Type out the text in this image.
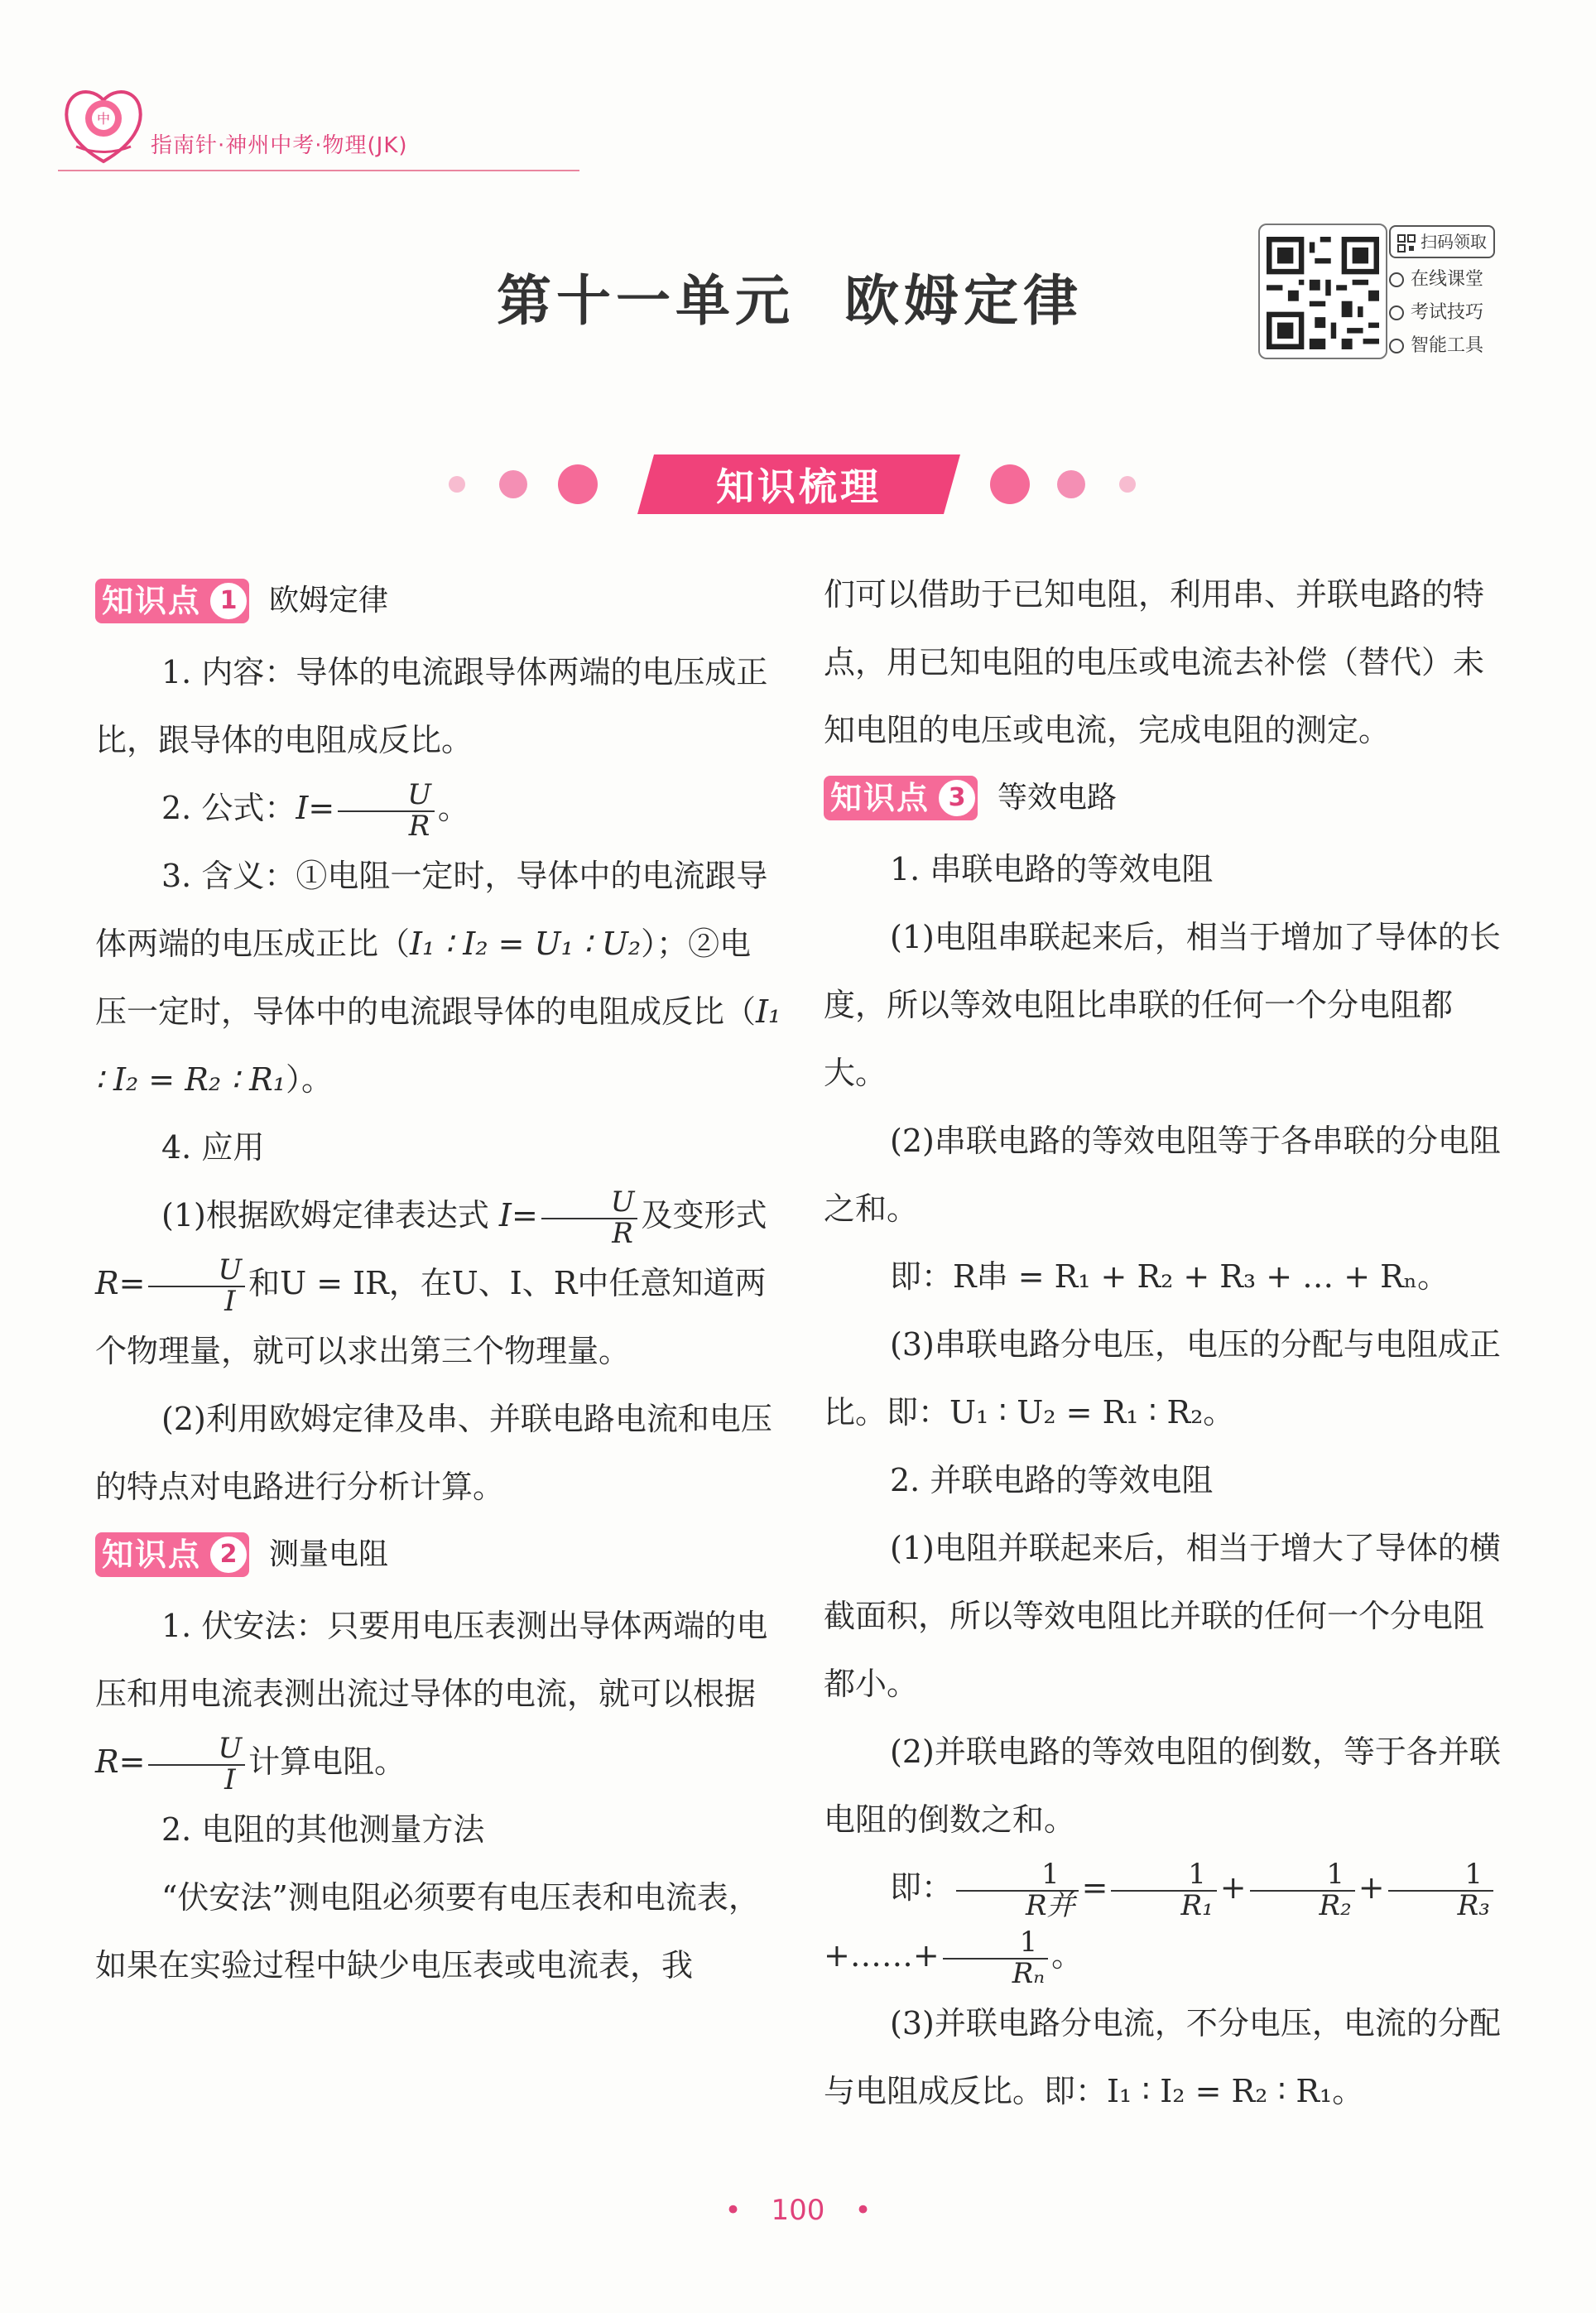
中
指南针·神州中考·物理(JK)
第十一单元 欧姆定律
扫码领取
在线课堂
考试技巧
智能工具
知识梳理
知识点 1	欧姆定律

1. 内容：导体的电流跟导体两端的电压成正比，跟导体的电阻成反比。

2. 公式：$I= \frac{U}{R}$ 。

3. 含义：①电阻一定时，导体中的电流跟导体两端的电压成正比（I₁ ∶ I₂ = U₁ ∶ U₂）；②电压一定时，导体中的电流跟导体的电阻成反比（I₁ ∶ I₂ = R₂ ∶ R₁）。

4. 应用

(1)根据欧姆定律表达式 $I= \frac{U}{R}$ 及变形式 $R= \frac{U}{I}$ 和U = IR，在U、I、R中任意知道两个物理量，就可以求出第三个物理量。

(2)利用欧姆定律及串、并联电路电流和电压的特点对电路进行分析计算。

知识点 2	测量电阻

1. 伏安法：只要用电压表测出导体两端的电压和用电流表测出流过导体的电流，就可以根据 $R= \frac{U}{I}$ 计算电阻。

2. 电阻的其他测量方法

“伏安法”测电阻必须要有电压表和电流表，如果在实验过程中缺少电压表或电流表，我

们可以借助于已知电阻，利用串、并联电路的特点，用已知电阻的电压或电流去补偿（替代）未知电阻的电压或电流，完成电阻的测定。

知识点 3	等效电路

1. 串联电路的等效电阻

(1)电阻串联起来后，相当于增加了导体的长度，所以等效电阻比串联的任何一个分电阻都大。

(2)串联电路的等效电阻等于各串联的分电阻之和。

即：R串 = R₁ + R₂ + R₃ + … + Rₙ。

(3)串联电路分电压，电压的分配与电阻成正比。即：U₁ ∶ U₂ = R₁ ∶ R₂。

2. 并联电路的等效电阻

(1)电阻并联起来后，相当于增大了导体的横截面积，所以等效电阻比并联的任何一个分电阻都小。

(2)并联电路的等效电阻的倒数，等于各并联电阻的倒数之和。

即： $\frac{1}{\text{R并}} = \frac{1}{\text{R₁}} + \frac{1}{\text{R₂}} + \frac{1}{\text{R₃}}$
+……+ $\frac{1}{\text{Rₙ}}$ 。

(3)并联电路分电流，不分电压，电流的分配与电阻成反比。即：I₁ ∶ I₂ = R₂ ∶ R₁。

• 100 •
